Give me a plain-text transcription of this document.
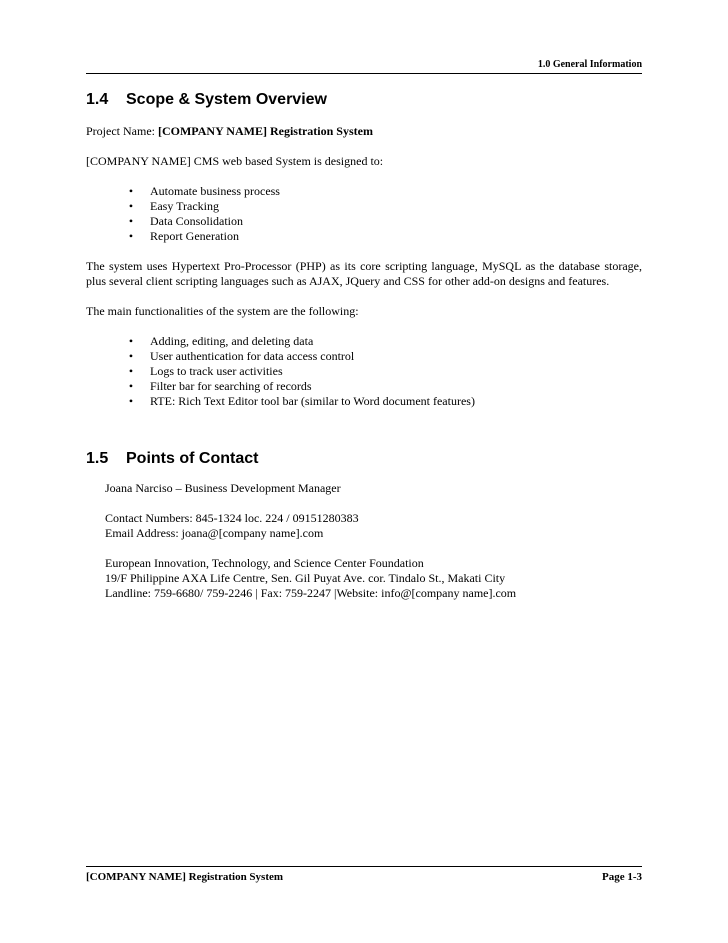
1.0 General Information
1.4 Scope & System Overview

Project Name: [COMPANY NAME] Registration System

[COMPANY NAME] CMS web based System is designed to:

• Automate business process
• Easy Tracking
• Data Consolidation
• Report Generation

The system uses Hypertext Pro-Processor (PHP) as its core scripting language, MySQL as the database storage, plus several client scripting languages such as AJAX, JQuery and CSS for other add-on designs and features.

The main functionalities of the system are the following:

• Adding, editing, and deleting data
• User authentication for data access control
• Logs to track user activities
• Filter bar for searching of records
• RTE: Rich Text Editor tool bar (similar to Word document features)
1.5 Points of Contact

Joana Narciso – Business Development Manager

Contact Numbers: 845-1324 loc. 224 / 09151280383

Email Address: joana@[company name].com

European Innovation, Technology, and Science Center Foundation

19/F Philippine AXA Life Centre, Sen. Gil Puyat Ave. cor. Tindalo St., Makati City

Landline: 759-6680/ 759-2246 | Fax: 759-2247 |Website: info@[company name].com

[COMPANY NAME] Registration System	Page 1-3
